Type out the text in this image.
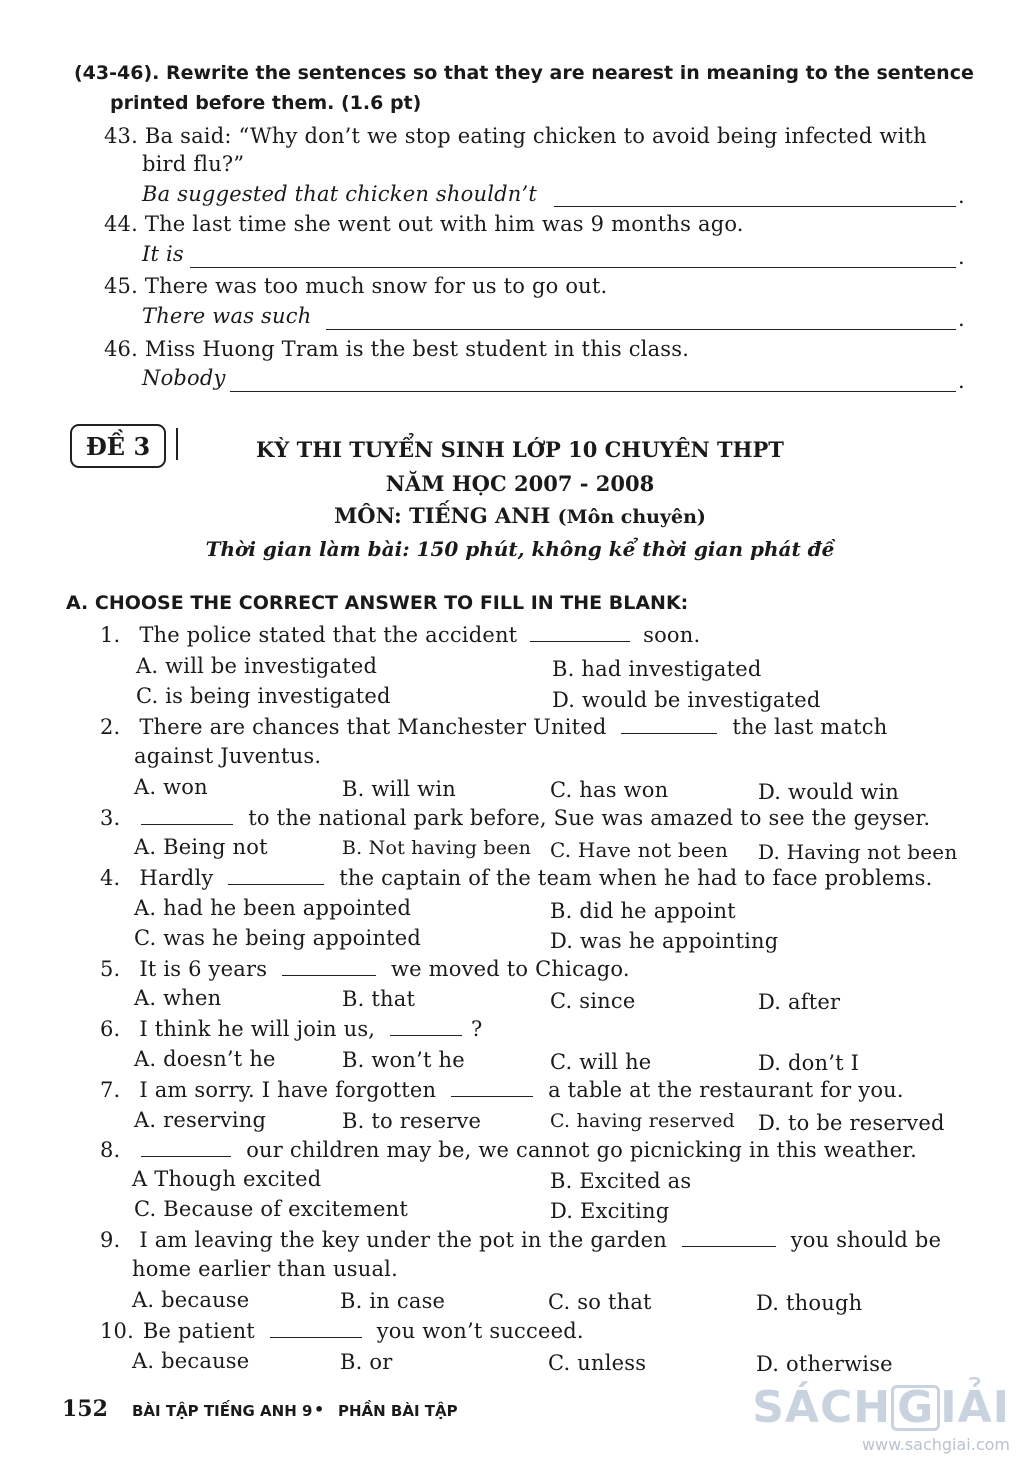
(43-46). Rewrite the sentences so that they are nearest in meaning to the sentence
printed before them. (1.6 pt)
43. Ba said: “Why don’t we stop eating chicken to avoid being infected with
bird flu?”
Ba suggested that chicken shouldn’t	.
44. The last time she went out with him was 9 months ago.
It is	.
45. There was too much snow for us to go out.
There was such	.
46. Miss Huong Tram is the best student in this class.
Nobody	.
ĐỀ 3	KỲ THI TUYỂN SINH LỚP 10 CHUYÊN THPT
NĂM HỌC 2007 - 2008
MÔN: TIẾNG ANH (Môn chuyên)
Thời gian làm bài: 150 phút, không kể thời gian phát đề
A. CHOOSE THE CORRECT ANSWER TO FILL IN THE BLANK:
1. The police stated that the accident	soon.
A. will be investigated	B. had investigated
C. is being investigated	D. would be investigated
2. There are chances that Manchester United	the last match
against Juventus.
A. won	B. will win	C. has won	D. would win
3.	to the national park before, Sue was amazed to see the geyser.
A. Being not	B. Not having been C. Have not been D. Having not been
4. Hardly	the captain of the team when he had to face problems.
A. had he been appointed	B. did he appoint
C. was he being appointed	D. was he appointing
5. It is 6 years	we moved to Chicago.
A. when	B. that	C. since	D. after
6. I think he will join us,	?
A. doesn’t he	B. won’t he	C. will he	D. don’t I
7. I am sorry. I have forgotten	a table at the restaurant for you.
A. reserving	B. to reserve	C. having reserved D. to be reserved
8.	our children may be, we cannot go picnicking in this weather.
A Though excited	B. Excited as
C. Because of excitement	D. Exciting
9. I am leaving the key under the pot in the garden	you should be
home earlier than usual.
A. because	B. in case	C. so that	D. though
10. Be patient	you won’t succeed.
A. because	B. or	C. unless	D. otherwise
152 BÀI TẬP TIẾNG ANH 9 • PHẦN BÀI TẬP	SÁCH G IẢI
www.sachgiai.com
